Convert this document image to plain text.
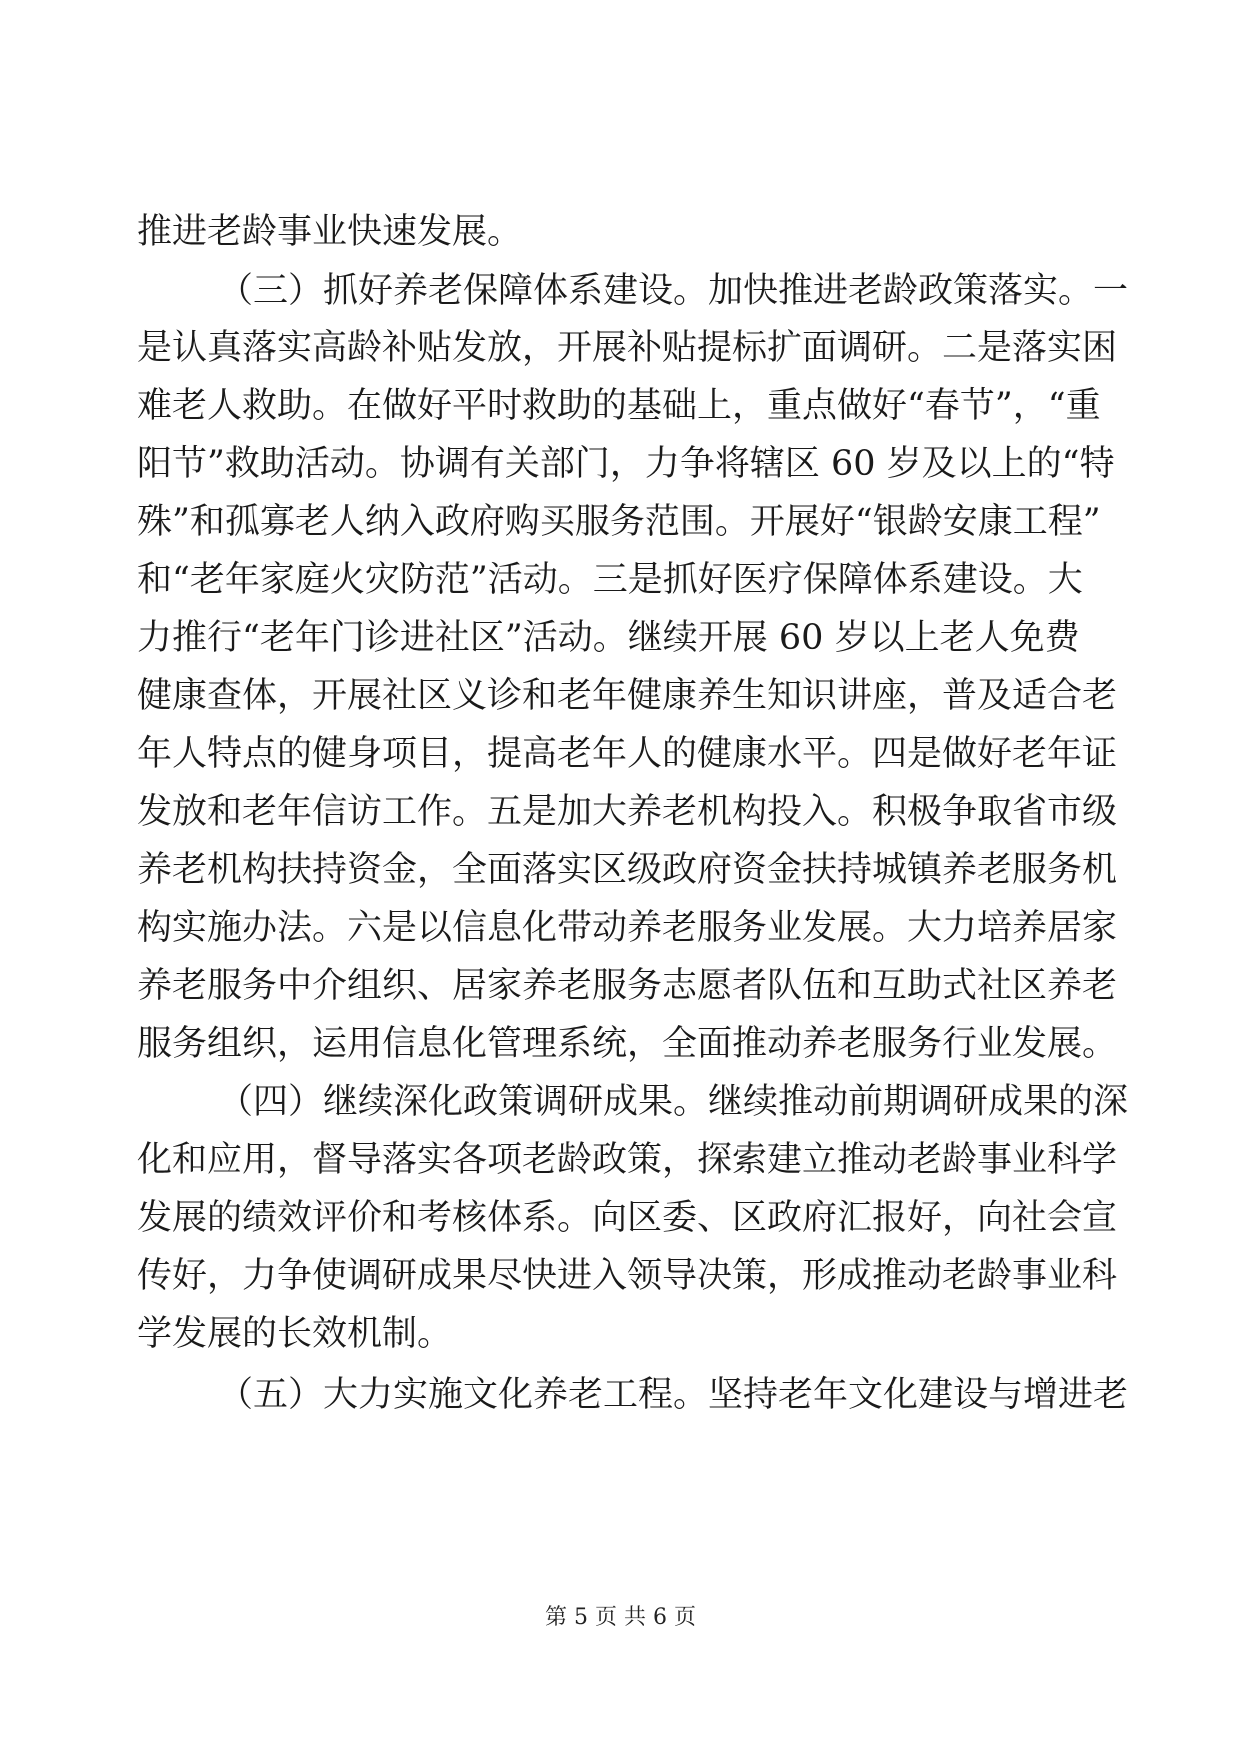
推进老龄事业快速发展。
（三）抓好养老保障体系建设。加快推进老龄政策落实。一
是认真落实高龄补贴发放，开展补贴提标扩面调研。二是落实困
难老人救助。在做好平时救助的基础上，重点做好“春节”，“重
阳节”救助活动。协调有关部门，力争将辖区 60 岁及以上的“特
殊”和孤寡老人纳入政府购买服务范围。开展好“银龄安康工程”
和“老年家庭火灾防范”活动。三是抓好医疗保障体系建设。大
力推行“老年门诊进社区”活动。继续开展 60 岁以上老人免费
健康查体，开展社区义诊和老年健康养生知识讲座，普及适合老
年人特点的健身项目，提高老年人的健康水平。四是做好老年证
发放和老年信访工作。五是加大养老机构投入。积极争取省市级
养老机构扶持资金，全面落实区级政府资金扶持城镇养老服务机
构实施办法。六是以信息化带动养老服务业发展。大力培养居家
养老服务中介组织、居家养老服务志愿者队伍和互助式社区养老
服务组织，运用信息化管理系统，全面推动养老服务行业发展。
（四）继续深化政策调研成果。继续推动前期调研成果的深
化和应用，督导落实各项老龄政策，探索建立推动老龄事业科学
发展的绩效评价和考核体系。向区委、区政府汇报好，向社会宣
传好，力争使调研成果尽快进入领导决策，形成推动老龄事业科
学发展的长效机制。
（五）大力实施文化养老工程。坚持老年文化建设与增进老
第 5 页 共 6 页
